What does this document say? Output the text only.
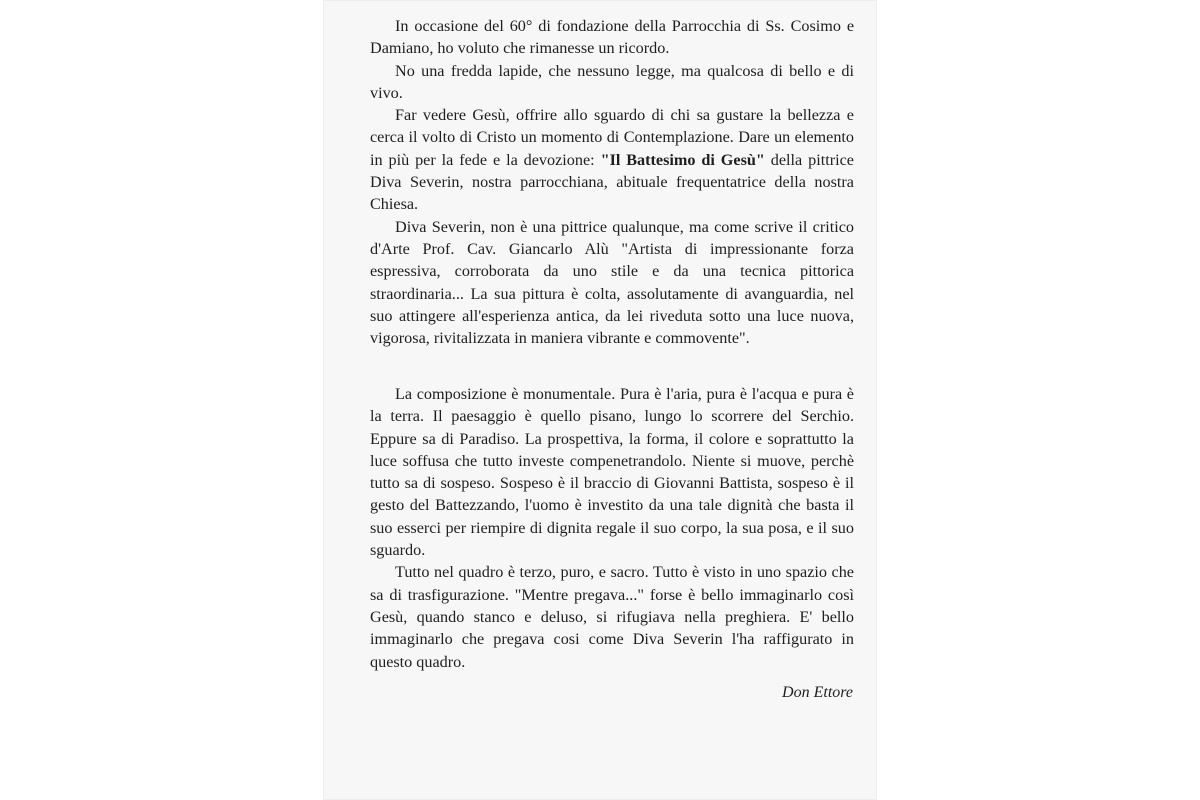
In occasione del 60° di fondazione della Parrocchia di Ss. Cosimo e Damiano, ho voluto che rimanesse un ricordo.

No una fredda lapide, che nessuno legge, ma qualcosa di bello e di vivo.

Far vedere Gesù, offrire allo sguardo di chi sa gustare la bellezza e cerca il volto di Cristo un momento di Contemplazione. Dare un elemento in più per la fede e la devozione: "Il Battesimo di Gesù" della pittrice Diva Severin, nostra parrocchiana, abituale frequentatrice della nostra Chiesa.

Diva Severin, non è una pittrice qualunque, ma come scrive il critico d'Arte Prof. Cav. Giancarlo Alù "Artista di impressionante forza espressiva, corroborata da uno stile e da una tecnica pittorica straordinaria... La sua pittura è colta, assolutamente di avanguardia, nel suo attingere all'esperienza antica, da lei riveduta sotto una luce nuova, vigorosa, rivitalizzata in maniera vibrante e commovente".

La composizione è monumentale. Pura è l'aria, pura è l'acqua e pura è la terra. Il paesaggio è quello pisano, lungo lo scorrere del Serchio. Eppure sa di Paradiso. La prospettiva, la forma, il colore e soprattutto la luce soffusa che tutto investe compenetrandolo. Niente si muove, perchè tutto sa di sospeso. Sospeso è il braccio di Giovanni Battista, sospeso è il gesto del Battezzando, l'uomo è investito da una tale dignità che basta il suo esserci per riempire di dignita regale il suo corpo, la sua posa, e il suo sguardo.

Tutto nel quadro è terzo, puro, e sacro. Tutto è visto in uno spazio che sa di trasfigurazione. "Mentre pregava..." forse è bello immaginarlo così Gesù, quando stanco e deluso, si rifugiava nella preghiera. E' bello immaginarlo che pregava cosi come Diva Severin l'ha raffigurato in questo quadro.

Don Ettore
